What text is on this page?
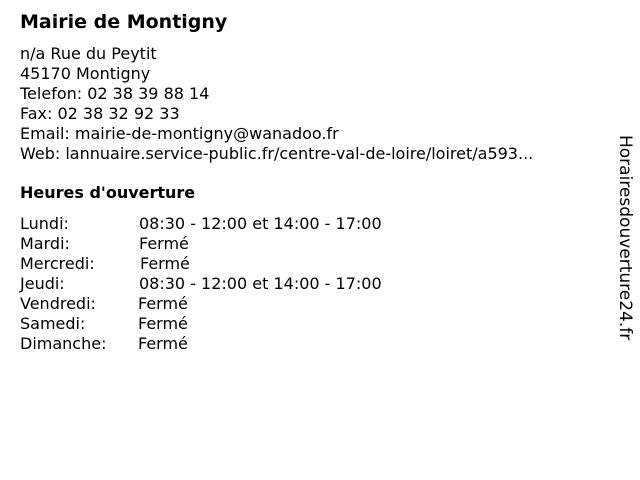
Mairie de Montigny
n/a Rue du Peytit
45170 Montigny
Telefon: 02 38 39 88 14
Fax: 02 38 32 92 33
Email: mairie-de-montigny@wanadoo.fr
Web: lannuaire.service-public.fr/centre-val-de-loire/loiret/a593...
Heures d'ouverture
Lundi:	08:30 - 12:00 et 14:00 - 17:00
Mardi:	Fermé
Mercredi:	Fermé
Jeudi:	08:30 - 12:00 et 14:00 - 17:00
Vendredi:	Fermé
Samedi:	Fermé
Dimanche: Fermé
Horairesdouverture24.fr
